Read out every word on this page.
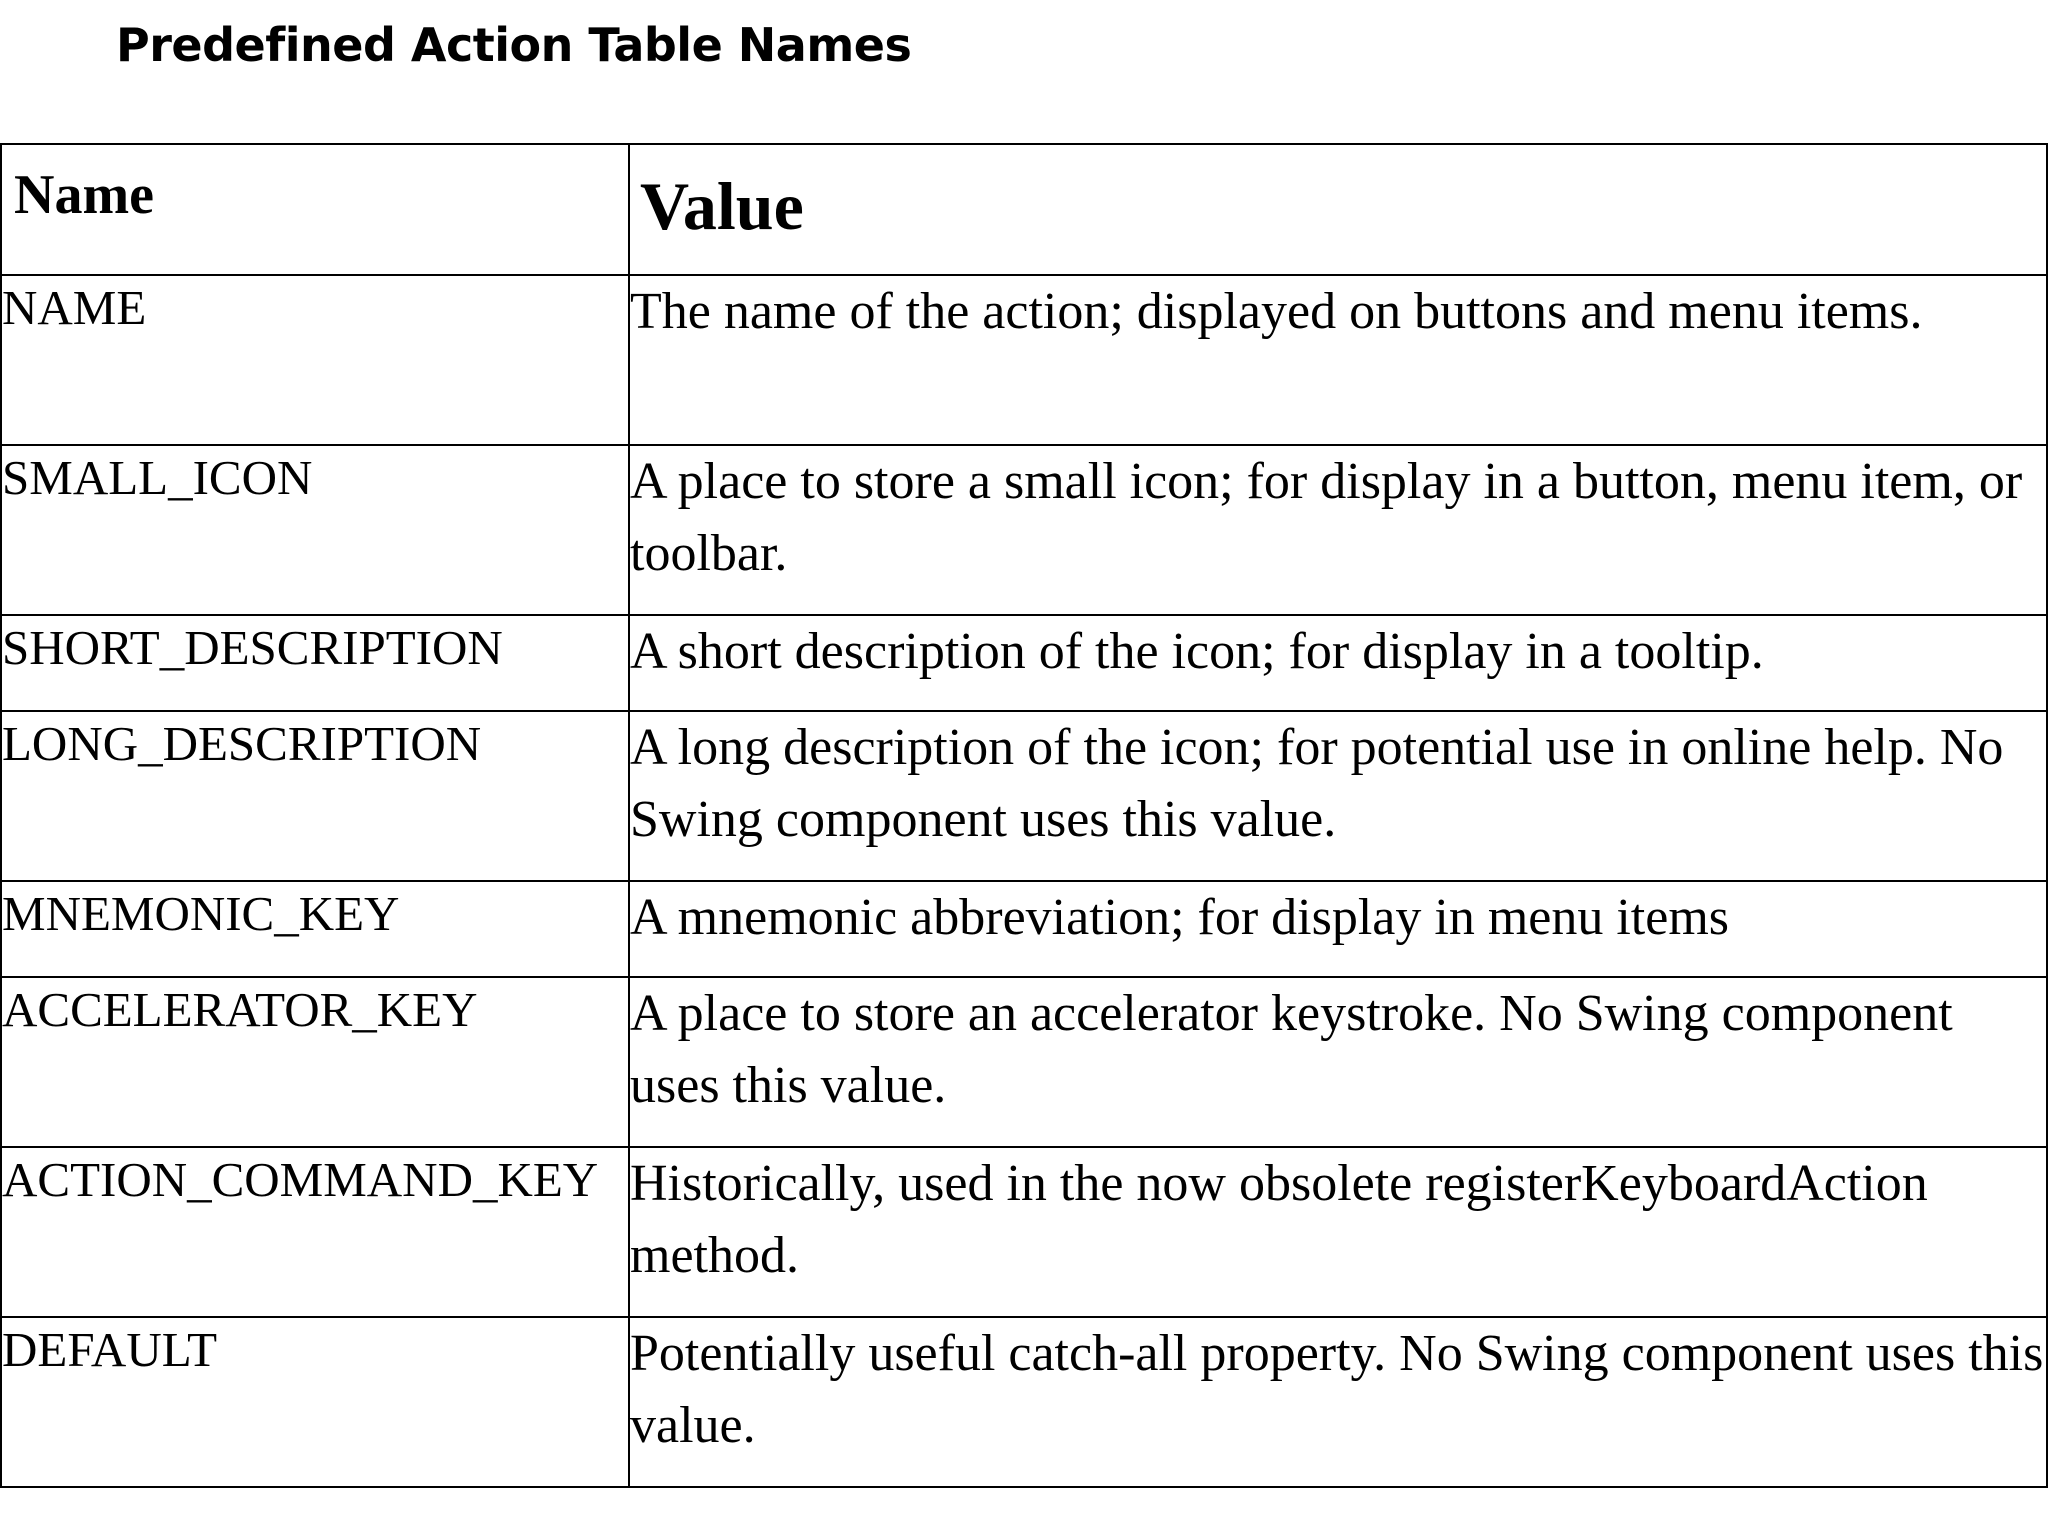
Predefined Action Table Names
Name	Value
NAME	The name of the action; displayed on buttons and menu items.
SMALL_ICON	A place to store a small icon; for display in a button, menu item, or toolbar.
SHORT_DESCRIPTION	A short description of the icon; for display in a tooltip.
LONG_DESCRIPTION	A long description of the icon; for potential use in online help. No Swing component uses this value.
MNEMONIC_KEY	A mnemonic abbreviation; for display in menu items
ACCELERATOR_KEY	A place to store an accelerator keystroke. No Swing component uses this value.
ACTION_COMMAND_KEY	Historically, used in the now obsolete registerKeyboardAction method.
DEFAULT	Potentially useful catch-all property. No Swing component uses this value.
